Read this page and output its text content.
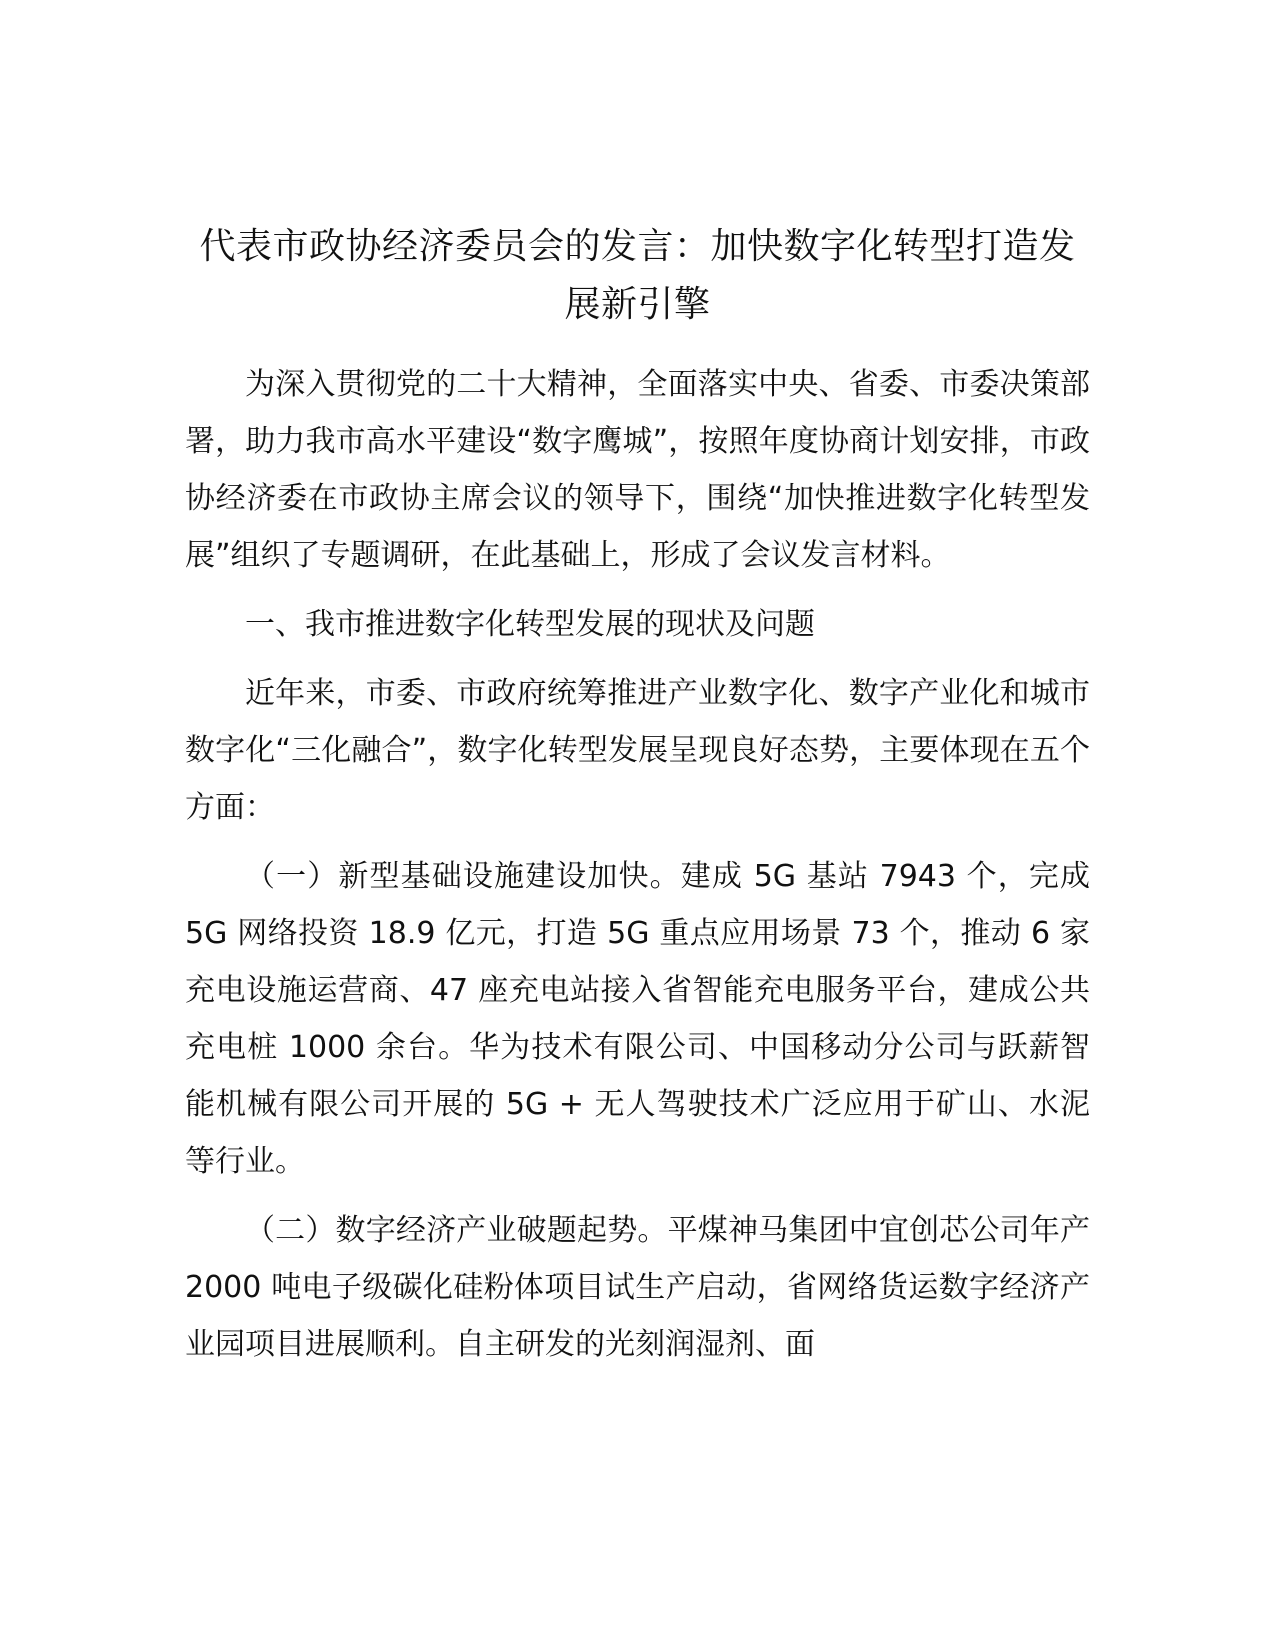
代表市政协经济委员会的发言：加快数字化转型打造发展新引擎

为深入贯彻党的二十大精神，全面落实中央、省委、市委决策部署，助力我市高水平建设“数字鹰城”，按照年度协商计划安排，市政协经济委在市政协主席会议的领导下，围绕“加快推进数字化转型发展”组织了专题调研，在此基础上，形成了会议发言材料。

一、我市推进数字化转型发展的现状及问题

近年来，市委、市政府统筹推进产业数字化、数字产业化和城市数字化“三化融合”，数字化转型发展呈现良好态势，主要体现在五个方面：

（一）新型基础设施建设加快。建成 5G 基站 7943 个，完成 5G 网络投资 18.9 亿元，打造 5G 重点应用场景 73 个，推动 6 家充电设施运营商、47 座充电站接入省智能充电服务平台，建成公共充电桩 1000 余台。华为技术有限公司、中国移动分公司与跃薪智能机械有限公司开展的 5G + 无人驾驶技术广泛应用于矿山、水泥等行业。

（二）数字经济产业破题起势。平煤神马集团中宜创芯公司年产 2000 吨电子级碳化硅粉体项目试生产启动，省网络货运数字经济产业园项目进展顺利。自主研发的光刻润湿剂、面
